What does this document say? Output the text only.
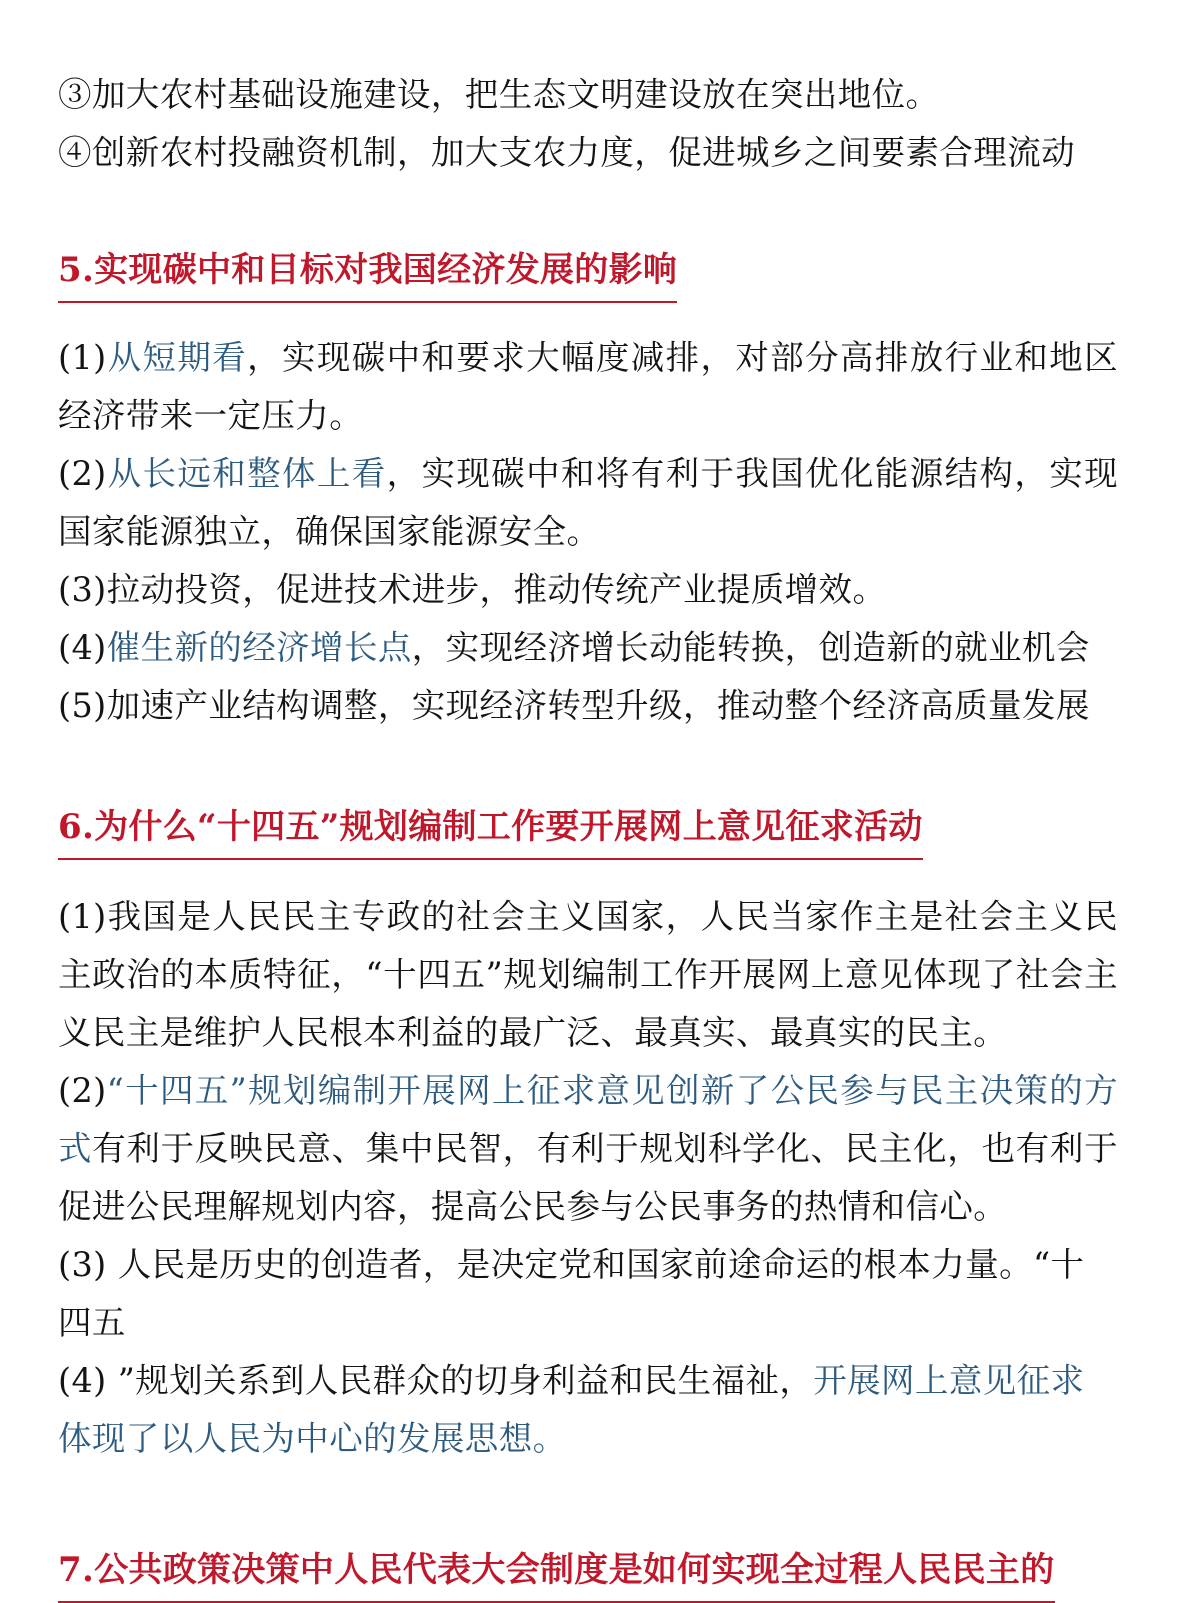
③加大农村基础设施建设，把生态文明建设放在突出地位。

④创新农村投融资机制，加大支农力度，促进城乡之间要素合理流动

5.实现碳中和目标对我国经济发展的影响

(1)从短期看，实现碳中和要求大幅度减排，对部分高排放行业和地区经济带来一定压力。

(2)从长远和整体上看，实现碳中和将有利于我国优化能源结构，实现国家能源独立，确保国家能源安全。

(3)拉动投资，促进技术进步，推动传统产业提质增效。

(4)催生新的经济增长点，实现经济增长动能转换，创造新的就业机会

(5)加速产业结构调整，实现经济转型升级，推动整个经济高质量发展

6.为什么“十四五”规划编制工作要开展网上意见征求活动

(1)我国是人民民主专政的社会主义国家，人民当家作主是社会主义民主政治的本质特征，“十四五”规划编制工作开展网上意见体现了社会主义民主是维护人民根本利益的最广泛、最真实、最真实的民主。

(2)“十四五”规划编制开展网上征求意见创新了公民参与民主决策的方式有利于反映民意、集中民智，有利于规划科学化、民主化，也有利于促进公民理解规划内容，提高公民参与公民事务的热情和信心。

(3) 人民是历史的创造者，是决定党和国家前途命运的根本力量。“十四五

(4) ”规划关系到人民群众的切身利益和民生福祉，开展网上意见征求体现了以人民为中心的发展思想。

7.公共政策决策中人民代表大会制度是如何实现全过程人民民主的
